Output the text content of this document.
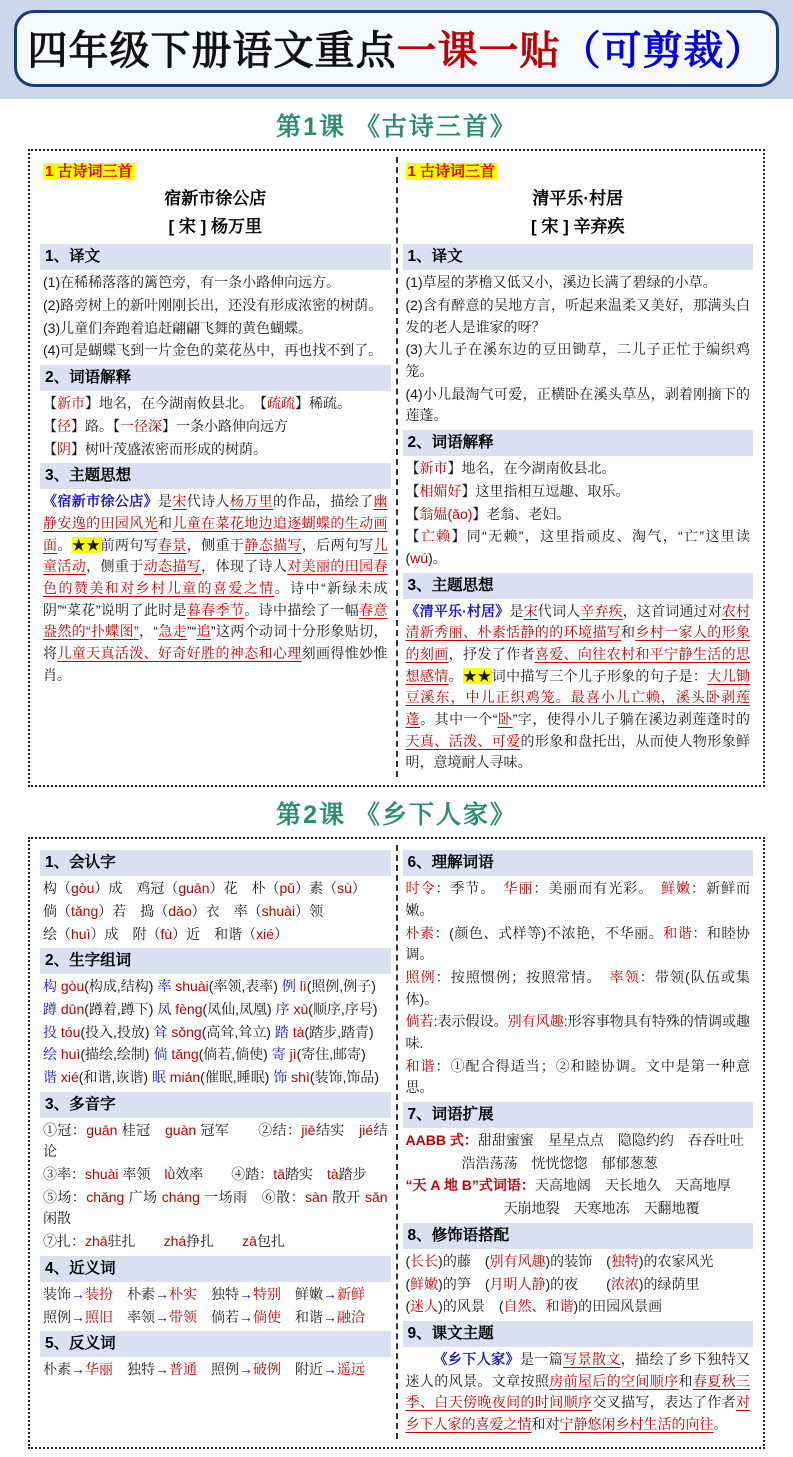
四年级下册语文重点一课一贴（可剪裁）
第1课 《古诗三首》
1 古诗词三首
宿新市徐公店
[ 宋 ] 杨万里
1、译文
(1)在稀稀落落的篱笆旁，有一条小路伸向远方。
(2)路旁树上的新叶刚刚长出，还没有形成浓密的树荫。
(3)儿童们奔跑着追赶翩翩飞舞的黄色蝴蝶。
(4)可是蝴蝶飞到一片金色的菜花丛中，再也找不到了。
2、词语解释
【新市】地名，在今湖南攸县北。　【疏疏】稀疏。
【径】路。【一径深】一条小路伸向远方
【阴】树叶茂盛浓密而形成的树荫。
3、主题思想
《宿新市徐公店》是宋代诗人杨万里的作品，描绘了幽静安逸的田园风光和儿童在菜花地边追逐蝴蝶的生动画面。★★前两句写春景，侧重于静态描写，后两句写儿童活动，侧重于动态描写，体现了诗人对美丽的田园春色的赞美和对乡村儿童的喜爱之情。诗中“新绿未成阴”“菜花”说明了此时是暮春季节。诗中描绘了一幅春意盎然的“扑蝶图”，“急走”“追”这两个动词十分形象贴切，将儿童天真活泼、好奇好胜的神态和心理刻画得惟妙惟肖。
1 古诗词三首
清平乐·村居
[ 宋 ] 辛弃疾
1、译文
(1)草屋的茅檐又低又小，溪边长满了碧绿的小草。
(2)含有醉意的吴地方言，听起来温柔又美好，那满头白发的老人是谁家的呀？
(3)大儿子在溪东边的豆田锄草，二儿子正忙于编织鸡笼。
(4)小儿最淘气可爱，正横卧在溪头草丛，剥着刚摘下的莲蓬。
2、词语解释
【新市】地名，在今湖南攸县北。
【相媚好】这里指相互逗趣、取乐。
【翁媪(ǎo)】老翁、老妇。
【亡赖】同“无赖”，这里指顽皮、淘气，“亡”这里读(wú)。
3、主题思想
《清平乐·村居》是宋代词人辛弃疾，这首词通过对农村清新秀丽、朴素恬静的的环境描写和乡村一家人的形象的刻画，抒发了作者喜爱、向往农村和平宁静生活的思想感情。★★词中描写三个儿子形象的句子是：大儿锄豆溪东，中儿正织鸡笼。最喜小儿亡赖，溪头卧剥莲蓬。其中一个“卧”字，使得小儿子躺在溪边剥莲蓬时的天真、活泼、可爱的形象和盘托出，从而使人物形象鲜明，意境耐人寻味。
第2课 《乡下人家》
1、会认字
构（gòu）成　鸡冠（guān）花　朴（pǔ）素（sù）
倘（tǎng）若　捣（dǎo）衣　率（shuài）领
绘（huì）成　附（fù）近　和谐（xié）
2、生字组词
构 gòu(构成,结构) 率 shuài(率领,表率) 例 lì(照例,例子)
蹲 dūn(蹲着,蹲下) 凤 fèng(凤仙,凤凰) 序 xù(顺序,序号)
投 tóu(投入,投放) 耸 sǒng(高耸,耸立) 踏 tà(踏步,踏青)
绘 huì(描绘,绘制) 倘 tǎng(倘若,倘使) 寄 jì(寄住,邮寄)
谐 xié(和谐,诙谐) 眠 mián(催眠,睡眠) 饰 shì(装饰,饰品)
3、多音字
①冠：guān 桂冠　guàn 冠军　　②结：jiē结实　jié结论
③率：shuài 率领　lǜ效率　　④踏：tā踏实　tà踏步
⑤场：chǎng 广场 cháng 一场雨　⑥散：sàn 散开 sǎn 闲散
⑦扎：zhā驻扎　　zhá挣扎　　zā包扎
4、近义词
装饰→装扮　朴素→朴实　独特→特别　鲜嫩→新鲜
照例→照旧　率领→带领　倘若→倘使　和谐→融洽
5、反义词
朴素→华丽　独特→普通　照例→破例　附近→遥远
6、理解词语
时令：季节。　华丽：美丽而有光彩。　鲜嫩：新鲜而嫩。
朴素：(颜色、式样等)不浓艳，不华丽。和谐：和睦协调。
照例：按照惯例；按照常情。　率领：带领(队伍或集体)。
倘若:表示假设。别有风趣:形容事物具有特殊的情调或趣味.
和谐：①配合得适当；②和睦协调。文中是第一种意思。
7、词语扩展
AABB 式：甜甜蜜蜜　星星点点　隐隐约约　吞吞吐吐
　　　　浩浩荡荡　恍恍惚惚　郁郁葱葱
“天 A 地 B”式词语：天高地阔　天长地久　天高地厚
　　　　　　　天崩地裂　天寒地冻　天翻地覆
8、修饰语搭配
(长长)的藤　(别有风趣)的装饰　(独特)的农家风光
(鲜嫩)的笋　(月明人静)的夜　　(浓浓)的绿荫里
(迷人)的风景　(自然、和谐)的田园风景画
9、课文主题
《乡下人家》是一篇写景散文，描绘了乡下独特又迷人的风景。文章按照房前屋后的空间顺序和春夏秋三季、白天傍晚夜间的时间顺序交叉描写，表达了作者对乡下人家的喜爱之情和对宁静悠闲乡村生活的向往。
